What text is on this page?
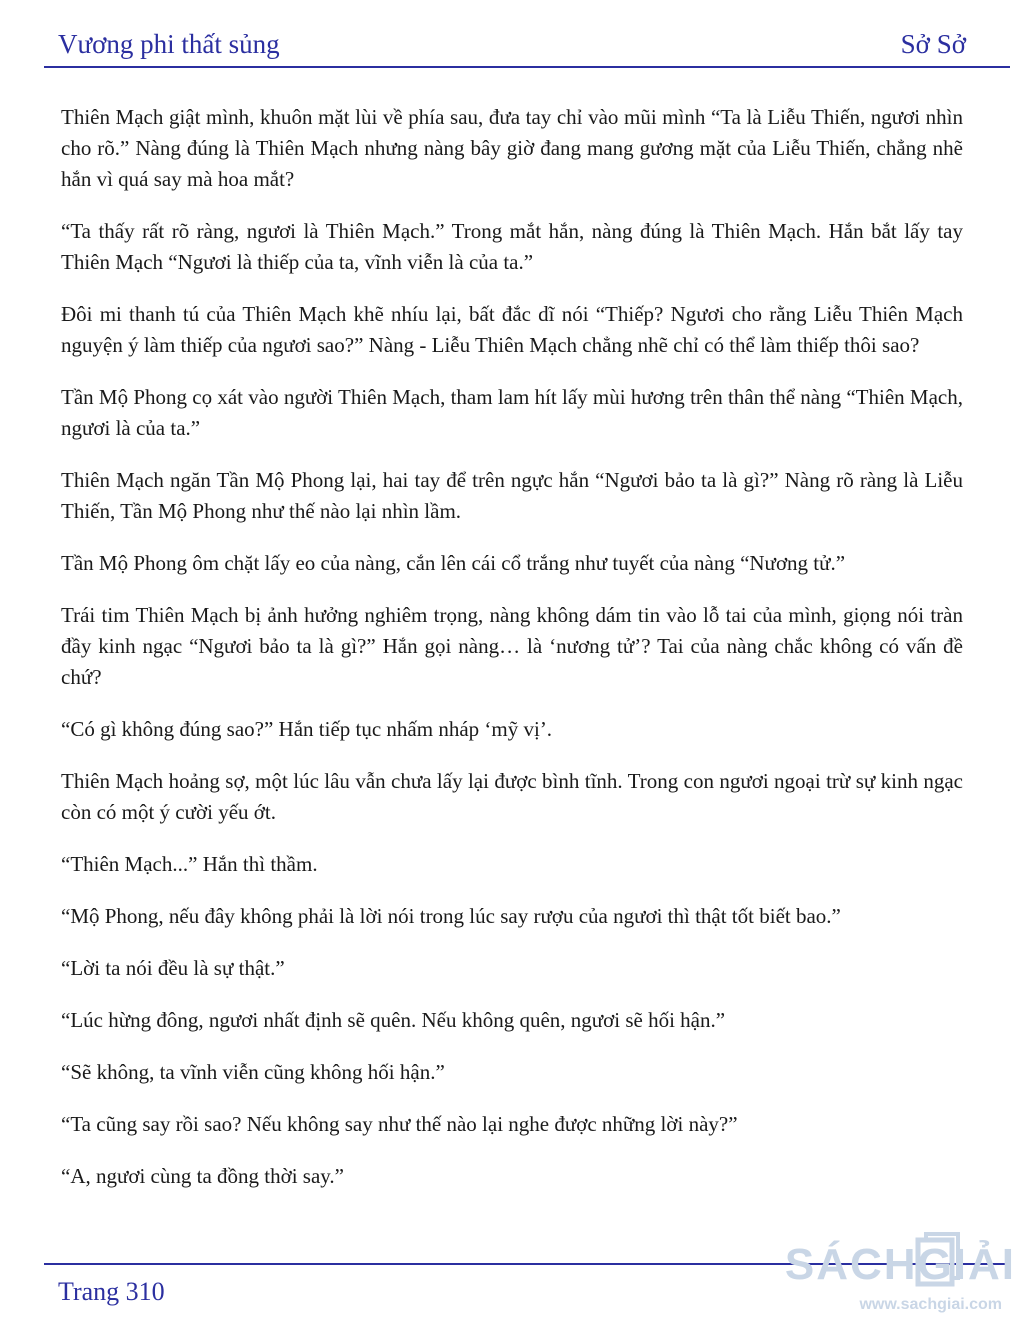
Vương phi thất sủng	Sở Sở

Thiên Mạch giật mình, khuôn mặt lùi về phía sau, đưa tay chỉ vào mũi mình “Ta là Liễu Thiến, ngươi nhìn cho rõ.” Nàng đúng là Thiên Mạch nhưng nàng bây giờ đang mang gương mặt của Liễu Thiến, chẳng nhẽ hắn vì quá say mà hoa mắt?

“Ta thấy rất rõ ràng, ngươi là Thiên Mạch.” Trong mắt hắn, nàng đúng là Thiên Mạch. Hắn bắt lấy tay Thiên Mạch “Ngươi là thiếp của ta, vĩnh viễn là của ta.”

Đôi mi thanh tú của Thiên Mạch khẽ nhíu lại, bất đắc dĩ nói “Thiếp? Ngươi cho rằng Liễu Thiên Mạch nguyện ý làm thiếp của ngươi sao?” Nàng - Liễu Thiên Mạch chẳng nhẽ chỉ có thể làm thiếp thôi sao?

Tần Mộ Phong cọ xát vào người Thiên Mạch, tham lam hít lấy mùi hương trên thân thể nàng “Thiên Mạch, ngươi là của ta.”

Thiên Mạch ngăn Tần Mộ Phong lại, hai tay để trên ngực hắn “Ngươi bảo ta là gì?” Nàng rõ ràng là Liễu Thiến, Tần Mộ Phong như thế nào lại nhìn lầm.

Tần Mộ Phong ôm chặt lấy eo của nàng, cắn lên cái cổ trắng như tuyết của nàng “Nương tử.”

Trái tim Thiên Mạch bị ảnh hưởng nghiêm trọng, nàng không dám tin vào lỗ tai của mình, giọng nói tràn đầy kinh ngạc “Ngươi bảo ta là gì?” Hắn gọi nàng… là ‘nương tử’? Tai của nàng chắc không có vấn đề chứ?

“Có gì không đúng sao?” Hắn tiếp tục nhấm nháp ‘mỹ vị’.

Thiên Mạch hoảng sợ, một lúc lâu vẫn chưa lấy lại được bình tĩnh. Trong con ngươi ngoại trừ sự kinh ngạc còn có một ý cười yếu ớt.

“Thiên Mạch...” Hắn thì thầm.

“Mộ Phong, nếu đây không phải là lời nói trong lúc say rượu của ngươi thì thật tốt biết bao.”

“Lời ta nói đều là sự thật.”

“Lúc hừng đông, ngươi nhất định sẽ quên. Nếu không quên, ngươi sẽ hối hận.”

“Sẽ không, ta vĩnh viễn cũng không hối hận.”

“Ta cũng say rồi sao? Nếu không say như thế nào lại nghe được những lời này?”

“A, ngươi cùng ta đồng thời say.”

Trang 310
SÁCHGIẢI
www.sachgiai.com
